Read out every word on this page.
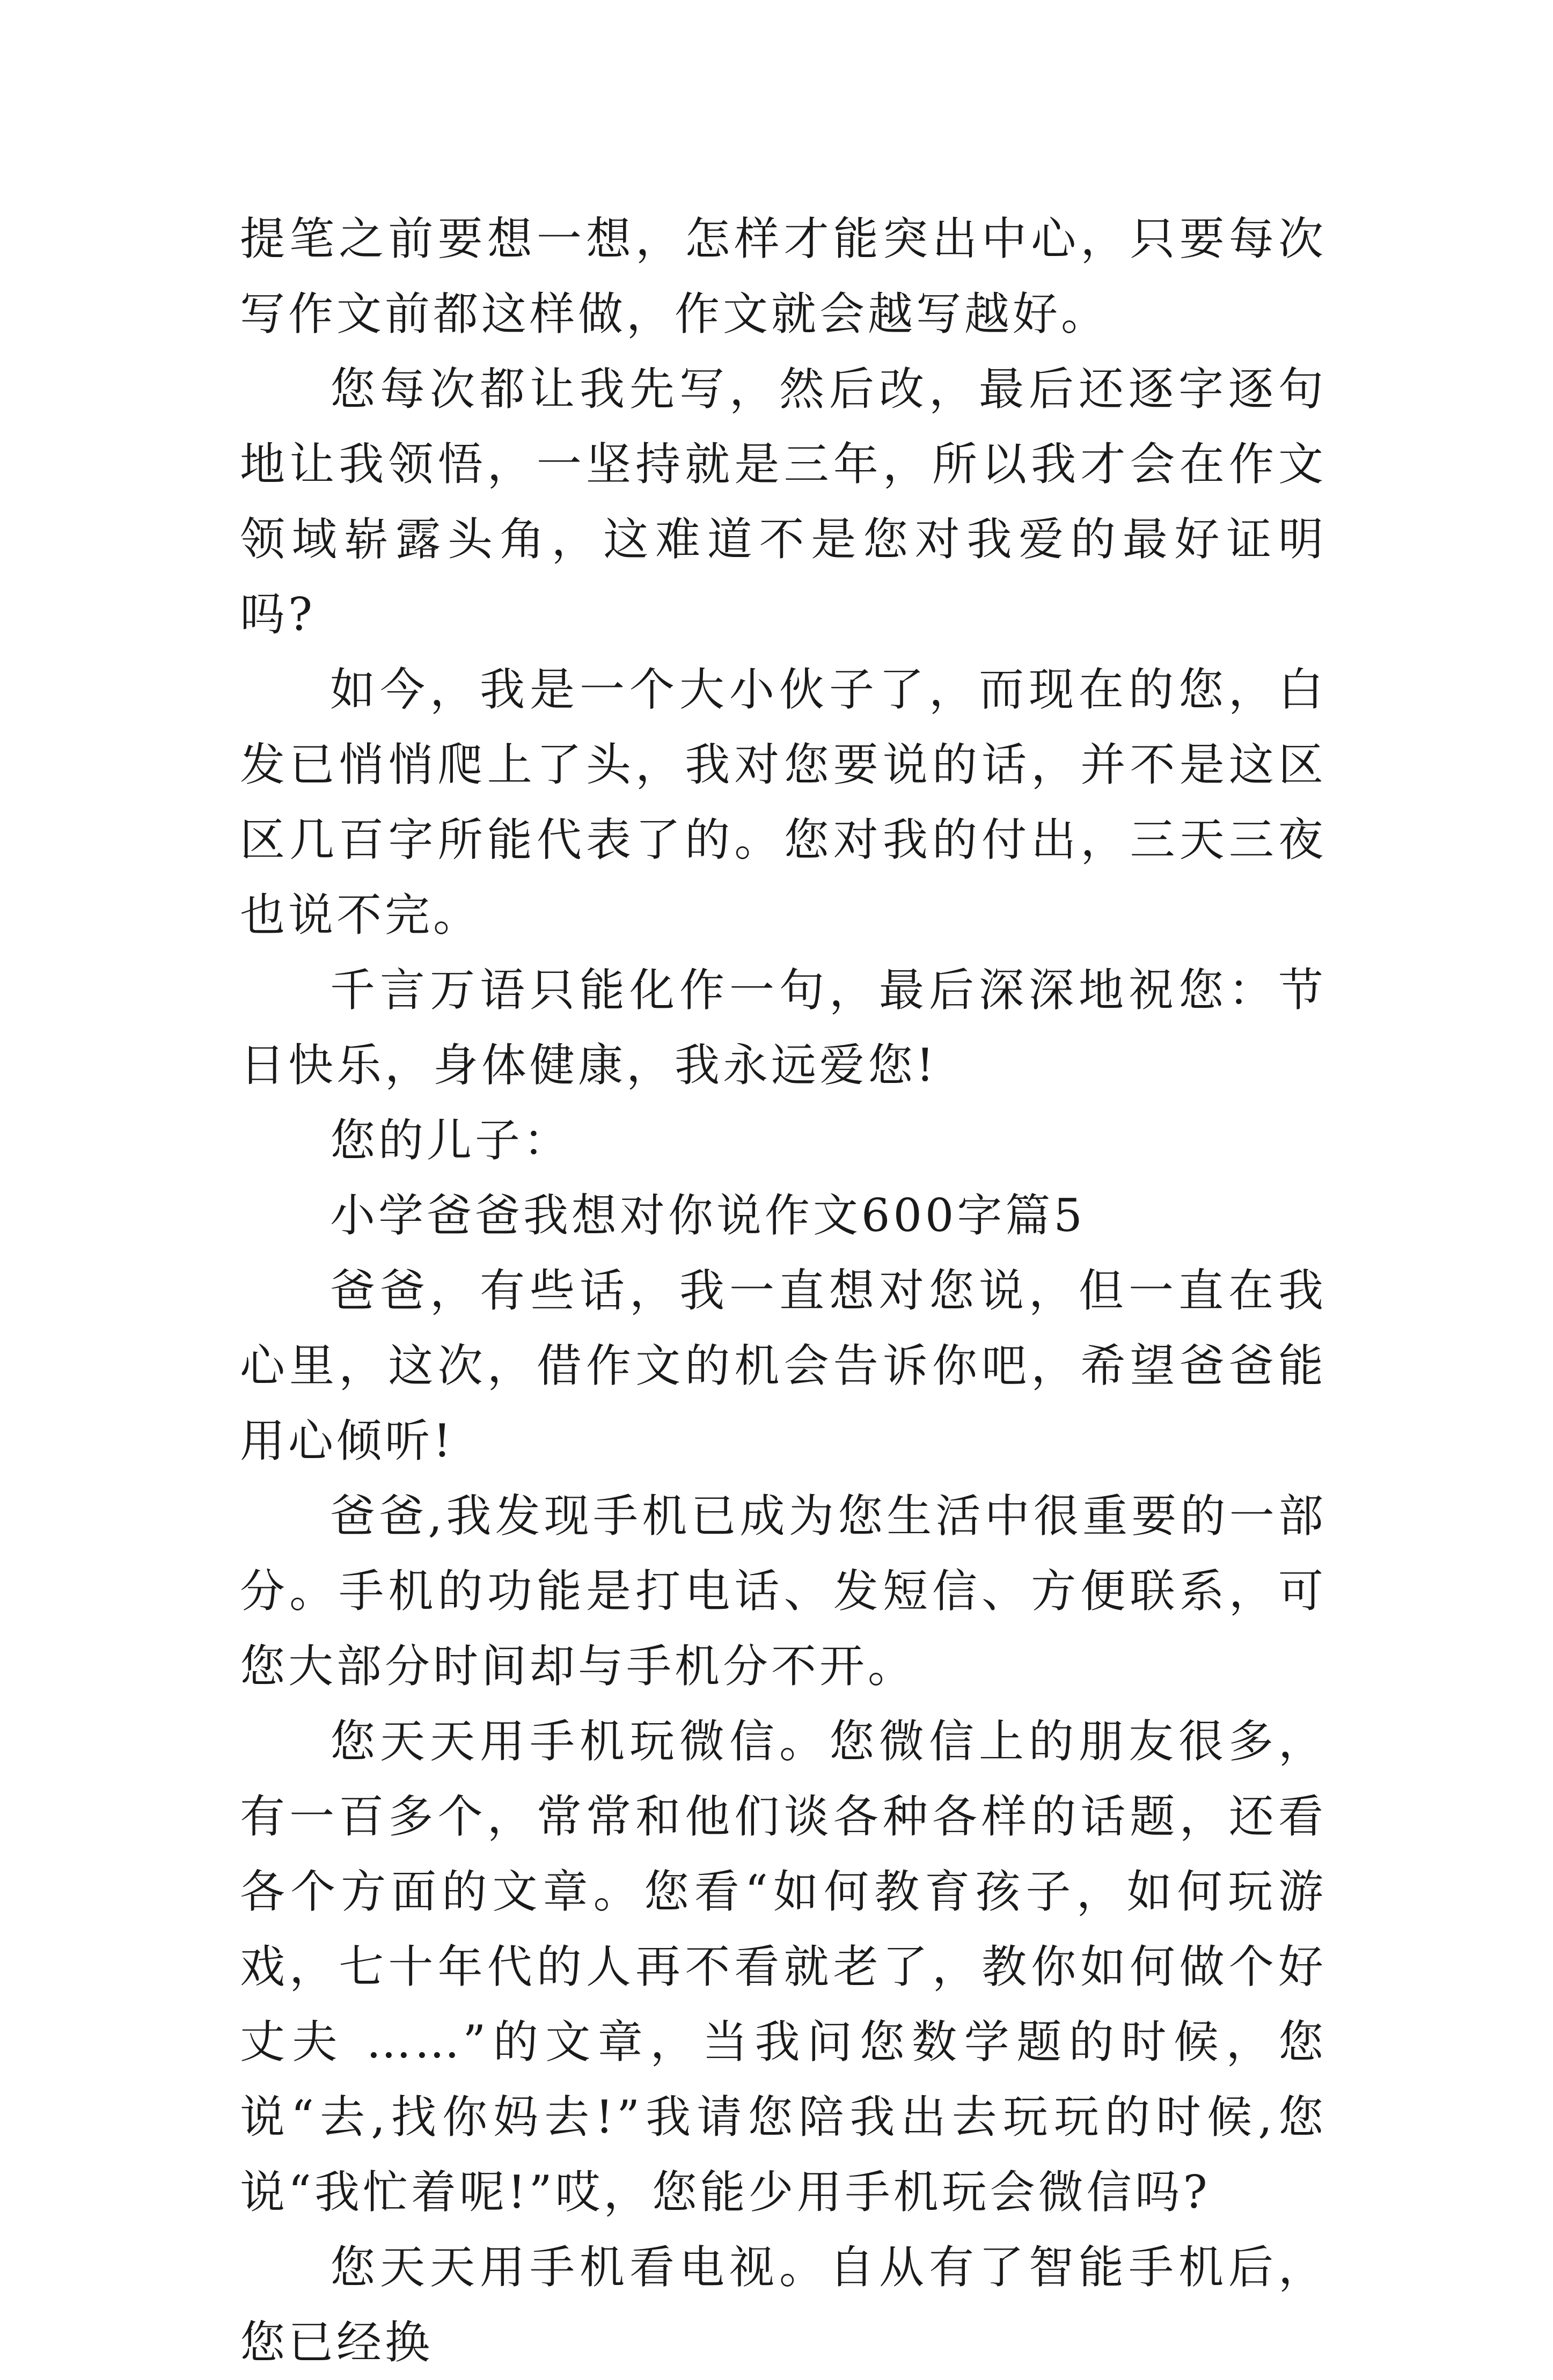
提笔之前要想一想，怎样才能突出中心，只要每次写作文前都这样做，作文就会越写越好。

您每次都让我先写，然后改，最后还逐字逐句地让我领悟，一坚持就是三年，所以我才会在作文领域崭露头角，这难道不是您对我爱的最好证明吗?

如今，我是一个大小伙子了，而现在的您，白发已悄悄爬上了头，我对您要说的话，并不是这区区几百字所能代表了的。您对我的付出，三天三夜也说不完。

千言万语只能化作一句，最后深深地祝您：节日快乐，身体健康，我永远爱您!

您的儿子：

小学爸爸我想对你说作文600字篇5

爸爸，有些话，我一直想对您说，但一直在我心里，这次，借作文的机会告诉你吧，希望爸爸能用心倾听!

爸爸,我发现手机已成为您生活中很重要的一部分。手机的功能是打电话、发短信、方便联系，可您大部分时间却与手机分不开。

您天天用手机玩微信。您微信上的朋友很多，有一百多个，常常和他们谈各种各样的话题，还看各个方面的文章。您看“如何教育孩子，如何玩游戏，七十年代的人再不看就老了，教你如何做个好丈夫 ……”的文章，当我问您数学题的时候，您说“去,找你妈去!”我请您陪我出去玩玩的时候,您说“我忙着呢!”哎，您能少用手机玩会微信吗?

您天天用手机看电视。自从有了智能手机后，您已经换
